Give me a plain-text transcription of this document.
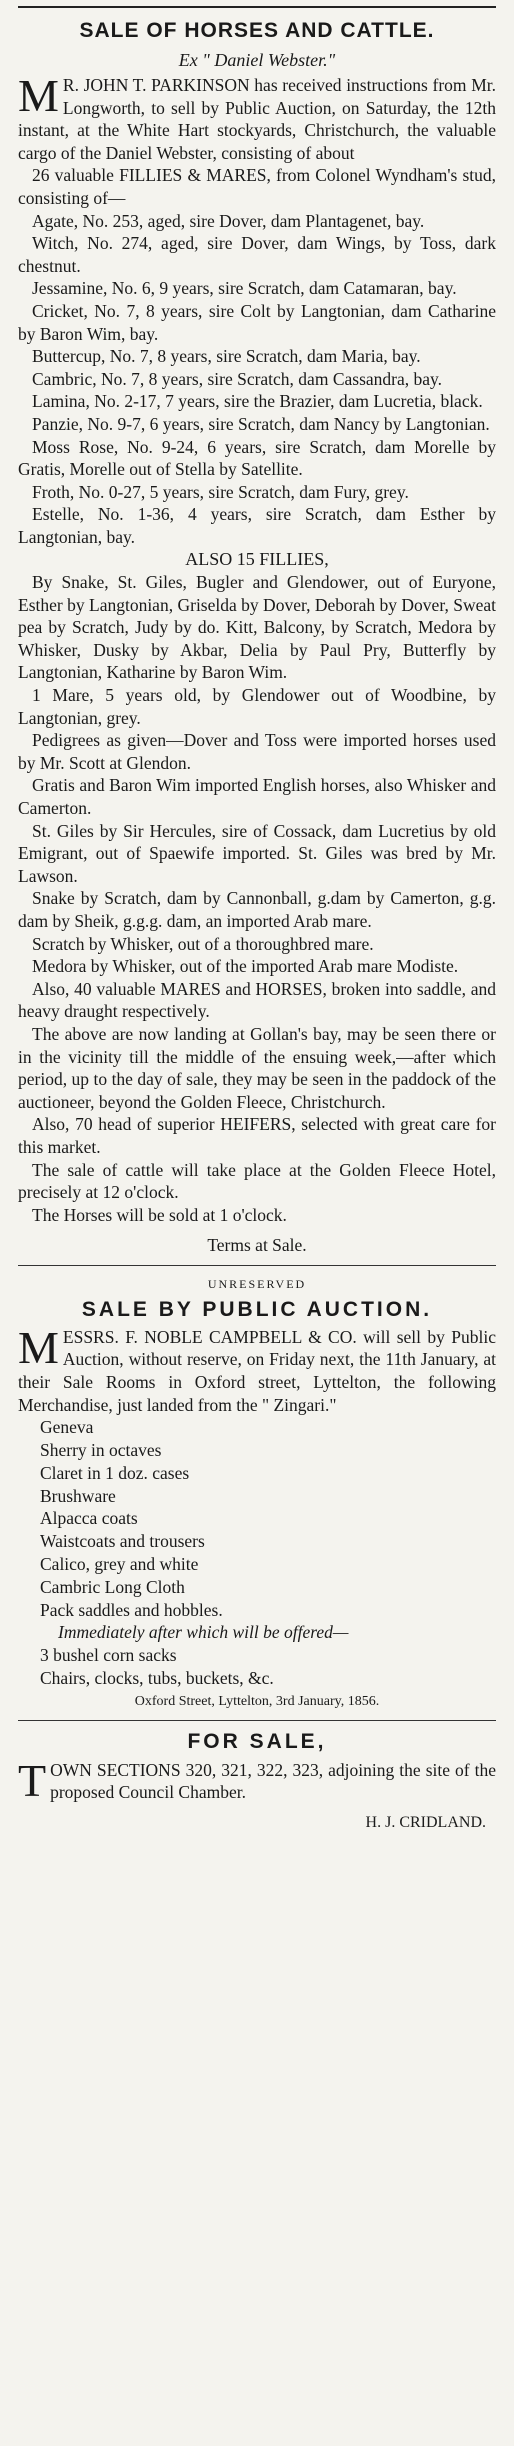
SALE OF HORSES AND CATTLE.

Ex " Daniel Webster."

M R. JOHN T. PARKINSON has received instructions from Mr. Longworth, to sell by Public Auction, on Saturday, the 12th instant, at the White Hart stockyards, Christchurch, the valuable cargo of the Daniel Webster, consisting of about

26 valuable FILLIES & MARES, from Colonel Wyndham's stud, consisting of—

Agate, No. 253, aged, sire Dover, dam Plantagenet, bay.

Witch, No. 274, aged, sire Dover, dam Wings, by Toss, dark chestnut.

Jessamine, No. 6, 9 years, sire Scratch, dam Catamaran, bay.

Cricket, No. 7, 8 years, sire Colt by Langtonian, dam Catharine by Baron Wim, bay.

Buttercup, No. 7, 8 years, sire Scratch, dam Maria, bay.

Cambric, No. 7, 8 years, sire Scratch, dam Cassandra, bay.

Lamina, No. 2-17, 7 years, sire the Brazier, dam Lucretia, black.

Panzie, No. 9-7, 6 years, sire Scratch, dam Nancy by Langtonian.

Moss Rose, No. 9-24, 6 years, sire Scratch, dam Morelle by Gratis, Morelle out of Stella by Satellite.

Froth, No. 0-27, 5 years, sire Scratch, dam Fury, grey.

Estelle, No. 1-36, 4 years, sire Scratch, dam Esther by Langtonian, bay.

ALSO 15 FILLIES,

By Snake, St. Giles, Bugler and Glendower, out of Euryone, Esther by Langtonian, Griselda by Dover, Deborah by Dover, Sweat pea by Scratch, Judy by do. Kitt, Balcony, by Scratch, Medora by Whisker, Dusky by Akbar, Delia by Paul Pry, Butterfly by Langtonian, Katharine by Baron Wim.

1 Mare, 5 years old, by Glendower out of Woodbine, by Langtonian, grey.

Pedigrees as given—Dover and Toss were imported horses used by Mr. Scott at Glendon.

Gratis and Baron Wim imported English horses, also Whisker and Camerton.

St. Giles by Sir Hercules, sire of Cossack, dam Lucretius by old Emigrant, out of Spaewife imported. St. Giles was bred by Mr. Lawson.

Snake by Scratch, dam by Cannonball, g.dam by Camerton, g.g. dam by Sheik, g.g.g. dam, an imported Arab mare.

Scratch by Whisker, out of a thoroughbred mare.

Medora by Whisker, out of the imported Arab mare Modiste.

Also, 40 valuable MARES and HORSES, broken into saddle, and heavy draught respectively.

The above are now landing at Gollan's bay, may be seen there or in the vicinity till the middle of the ensuing week,—after which period, up to the day of sale, they may be seen in the paddock of the auctioneer, beyond the Golden Fleece, Christchurch.

Also, 70 head of superior HEIFERS, selected with great care for this market.

The sale of cattle will take place at the Golden Fleece Hotel, precisely at 12 o'clock.

The Horses will be sold at 1 o'clock.

Terms at Sale.

UNRESERVED

SALE BY PUBLIC AUCTION.

M ESSRS. F. NOBLE CAMPBELL & CO. will sell by Public Auction, without reserve, on Friday next, the 11th January, at their Sale Rooms in Oxford street, Lyttelton, the following Merchandise, just landed from the " Zingari."

Geneva

Sherry in octaves

Claret in 1 doz. cases

Brushware

Alpacca coats

Waistcoats and trousers

Calico, grey and white

Cambric Long Cloth

Pack saddles and hobbles.

Immediately after which will be offered—

3 bushel corn sacks

Chairs, clocks, tubs, buckets, &c.

Oxford Street, Lyttelton, 3rd January, 1856.

FOR SALE,

T OWN SECTIONS 320, 321, 322, 323, adjoining the site of the proposed Council Chamber.

H. J. CRIDLAND.
